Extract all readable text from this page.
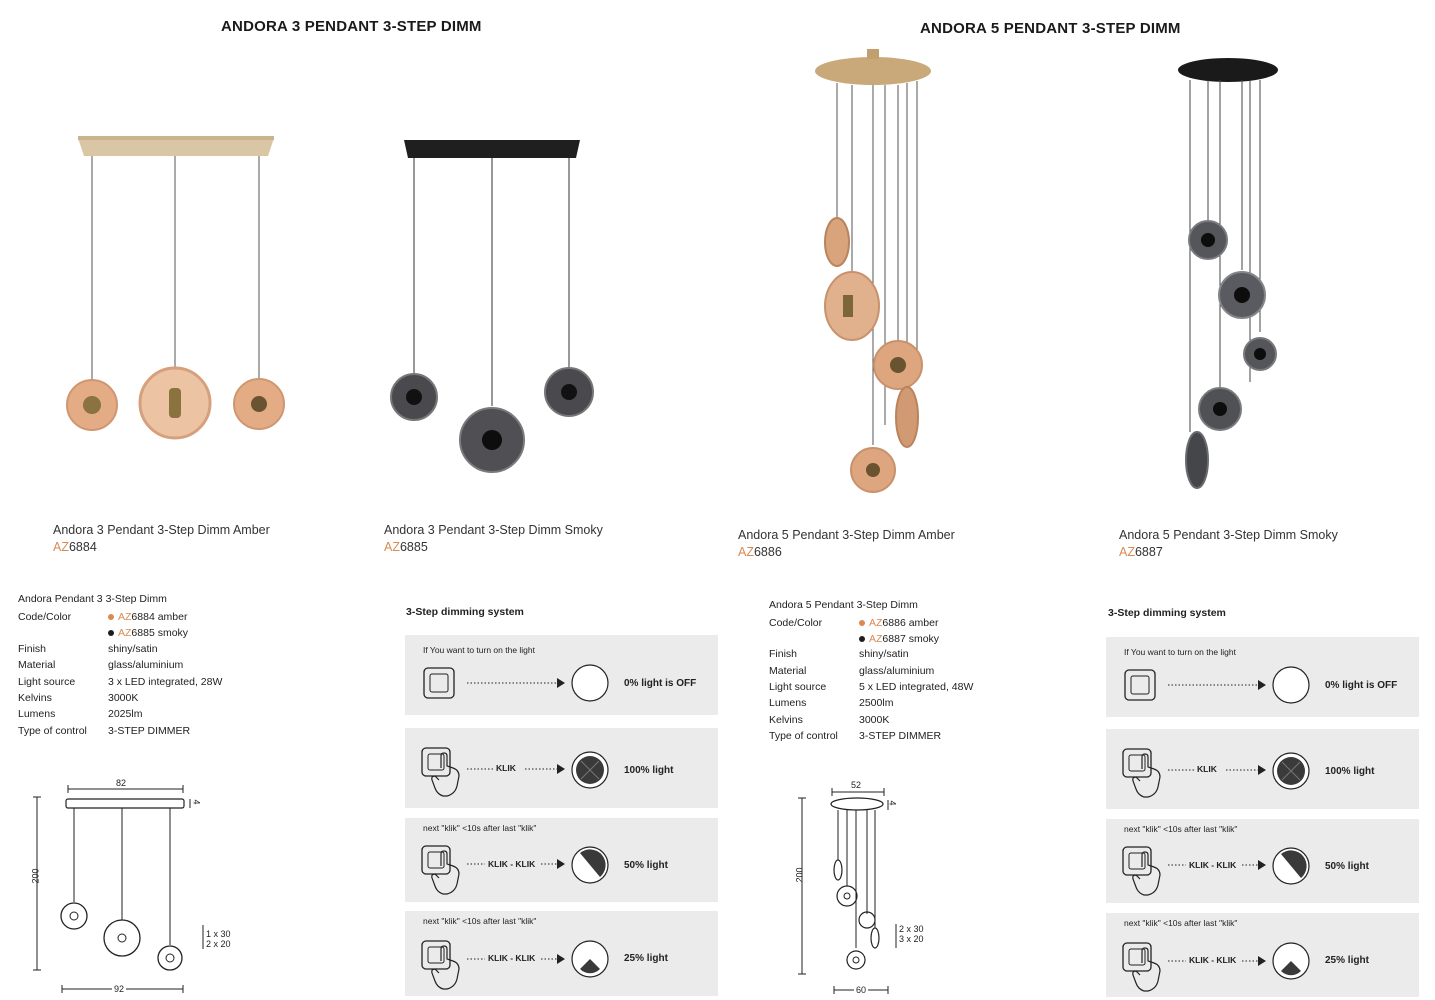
ANDORA 3 PENDANT 3-STEP DIMM	ANDORA 5 PENDANT 3-STEP DIMM
Andora 3 Pendant 3-Step Dimm Amber
AZ6884
Andora 3 Pendant 3-Step Dimm Smoky
AZ6885
Andora 5 Pendant 3-Step Dimm Amber
AZ6886
Andora 5 Pendant 3-Step Dimm Smoky
AZ6887
Andora Pendant 3 3-Step Dimm
Code/Color	AZ6884 amber
AZ6885 smoky
Finish	shiny/satin
Material	glass/aluminium
Light source	3 x LED integrated, 28W
Kelvins	3000K
Lumens	2025lm
Type of control 3-STEP DIMMER
Andora 5 Pendant 3-Step Dimm
Code/Color	AZ6886 amber
AZ6887 smoky
Finish	shiny/satin
Material	glass/aluminium
Light source	5 x LED integrated, 48W
Lumens	2500lm
Kelvins	3000K
Type of control 3-STEP DIMMER
82
200
92
4
1 x 30
2 x 20
52
200
60
4
2 x 30
3 x 20
3-Step dimming system
If You want to turn on the light
0% light is OFF
KLIK	100% light
next "klik" <10s after last "klik"
KLIK - KLIK	50% light
next "klik" <10s after last "klik"
KLIK - KLIK	25% light
3-Step dimming system
If You want to turn on the light
0% light is OFF
KLIK	100% light
next "klik" <10s after last "klik"
KLIK - KLIK	50% light
next "klik" <10s after last "klik"
KLIK - KLIK	25% light
